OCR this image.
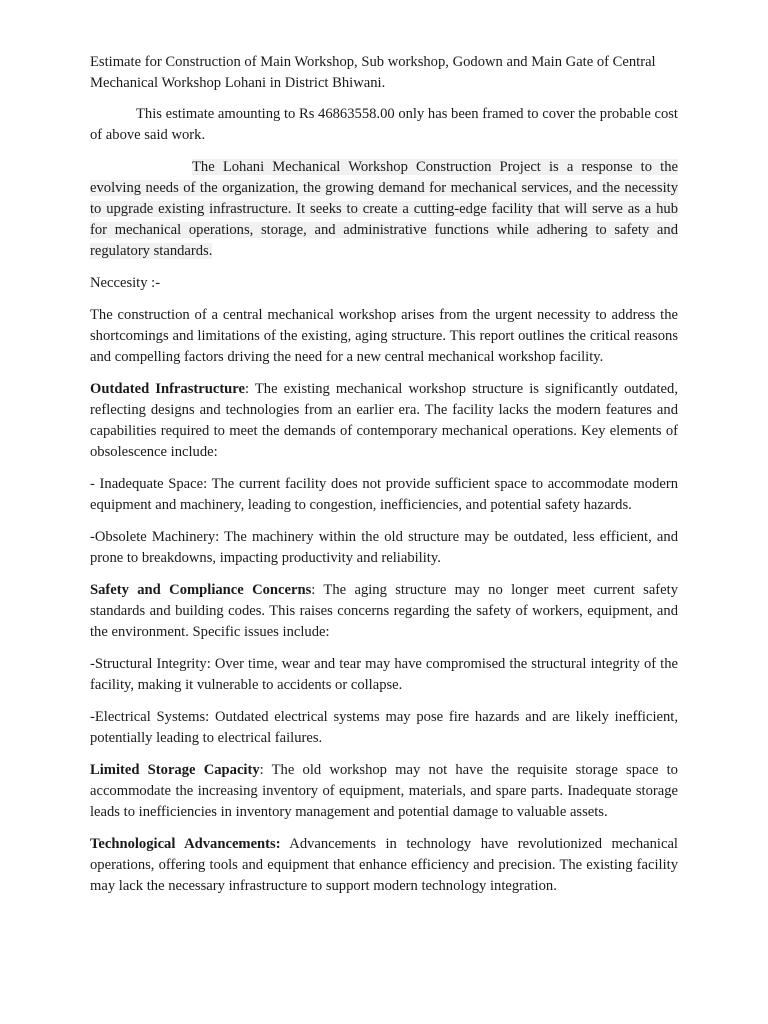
Estimate for Construction of Main Workshop, Sub workshop, Godown and Main Gate of Central Mechanical Workshop Lohani in District Bhiwani.

This estimate amounting to Rs 46863558.00 only has been framed to cover the probable cost of above said work.

The Lohani Mechanical Workshop Construction Project is a response to the evolving needs of the organization, the growing demand for mechanical services, and the necessity to upgrade existing infrastructure. It seeks to create a cutting-edge facility that will serve as a hub for mechanical operations, storage, and administrative functions while adhering to safety and regulatory standards.

Neccesity :-

The construction of a central mechanical workshop arises from the urgent necessity to address the shortcomings and limitations of the existing, aging structure. This report outlines the critical reasons and compelling factors driving the need for a new central mechanical workshop facility.

Outdated Infrastructure: The existing mechanical workshop structure is significantly outdated, reflecting designs and technologies from an earlier era. The facility lacks the modern features and capabilities required to meet the demands of contemporary mechanical operations. Key elements of obsolescence include:

- Inadequate Space: The current facility does not provide sufficient space to accommodate modern equipment and machinery, leading to congestion, inefficiencies, and potential safety hazards.

-Obsolete Machinery: The machinery within the old structure may be outdated, less efficient, and prone to breakdowns, impacting productivity and reliability.

Safety and Compliance Concerns: The aging structure may no longer meet current safety standards and building codes. This raises concerns regarding the safety of workers, equipment, and the environment. Specific issues include:

-Structural Integrity: Over time, wear and tear may have compromised the structural integrity of the facility, making it vulnerable to accidents or collapse.

-Electrical Systems: Outdated electrical systems may pose fire hazards and are likely inefficient, potentially leading to electrical failures.

Limited Storage Capacity: The old workshop may not have the requisite storage space to accommodate the increasing inventory of equipment, materials, and spare parts. Inadequate storage leads to inefficiencies in inventory management and potential damage to valuable assets.

Technological Advancements: Advancements in technology have revolutionized mechanical operations, offering tools and equipment that enhance efficiency and precision. The existing facility may lack the necessary infrastructure to support modern technology integration.
